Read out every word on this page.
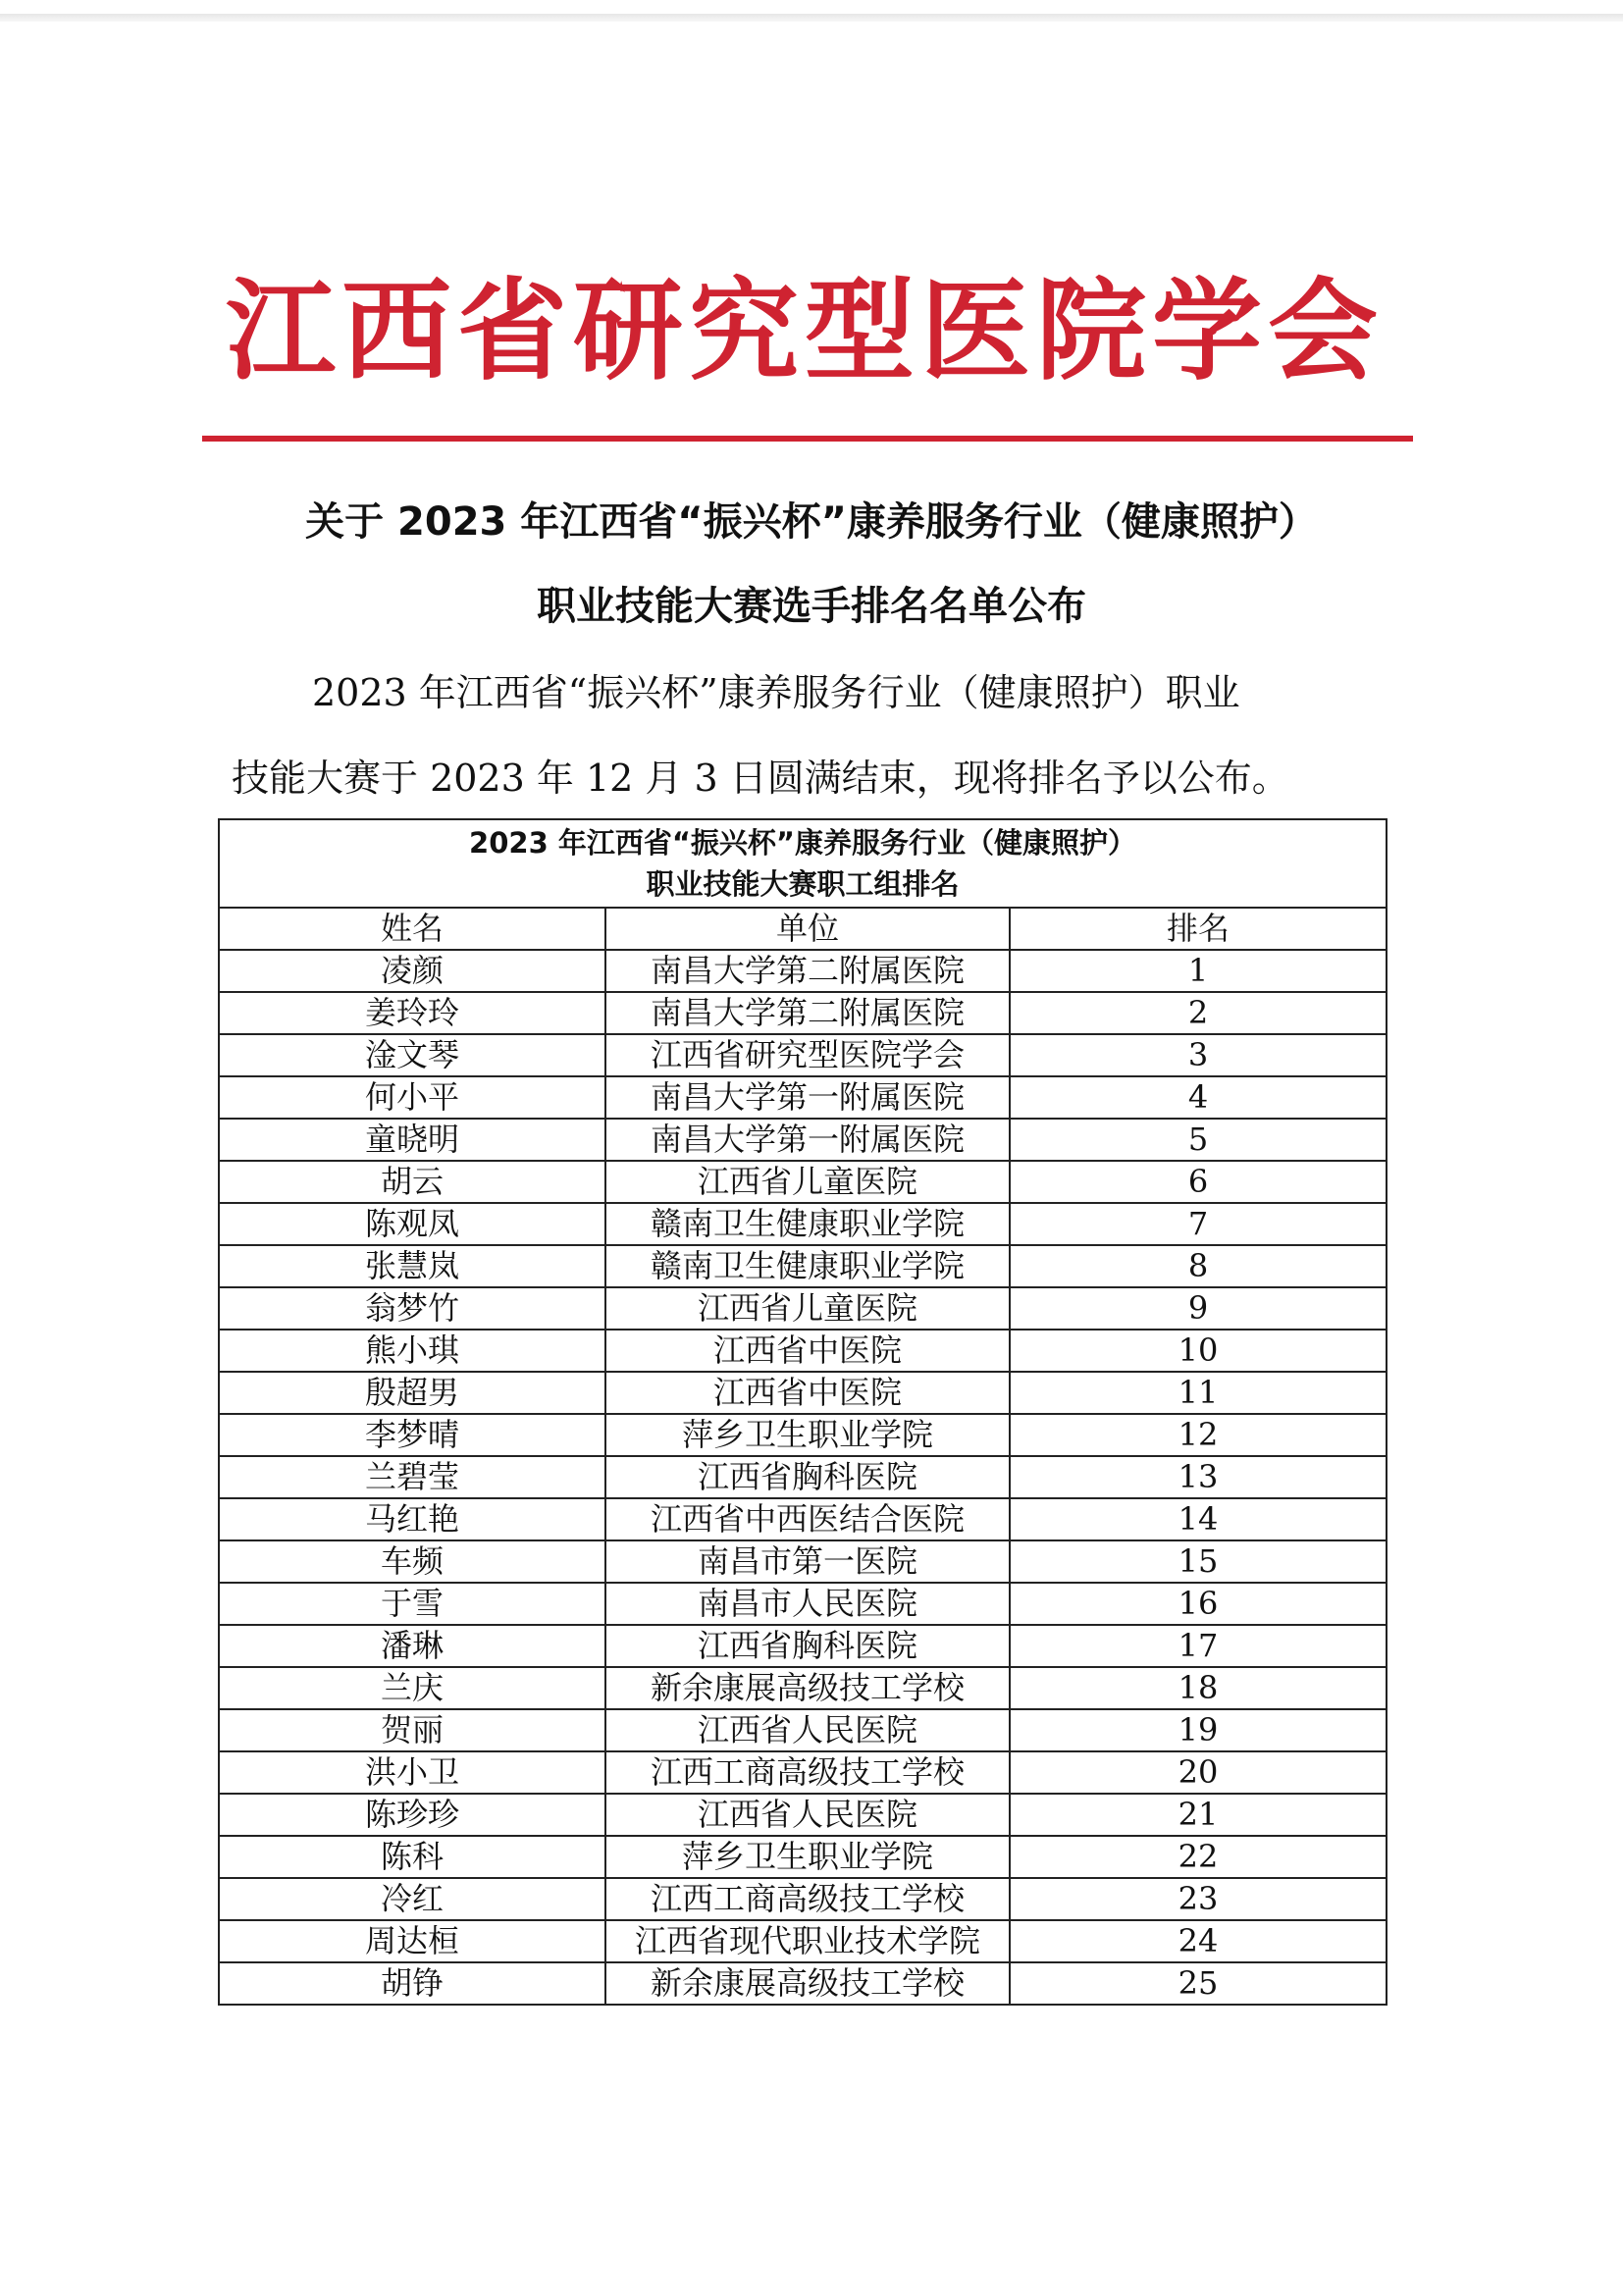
江西省研究型医院学会
关于 2023 年江西省“振兴杯”康养服务行业（健康照护）
职业技能大赛选手排名名单公布
2023 年江西省“振兴杯”康养服务行业（健康照护）职业
技能大赛于 2023 年 12 月 3 日圆满结束，现将排名予以公布。
2023 年江西省“振兴杯”康养服务行业（健康照护）
职业技能大赛职工组排名		

姓名	单位	排名
凌颜	南昌大学第二附属医院	1
姜玲玲	南昌大学第二附属医院	2
淦文琴	江西省研究型医院学会	3
何小平	南昌大学第一附属医院	4
童晓明	南昌大学第一附属医院	5
胡云	江西省儿童医院	6
陈观凤	赣南卫生健康职业学院	7
张慧岚	赣南卫生健康职业学院	8
翁梦竹	江西省儿童医院	9
熊小琪	江西省中医院	10
殷超男	江西省中医院	11
李梦晴	萍乡卫生职业学院	12
兰碧莹	江西省胸科医院	13
马红艳	江西省中西医结合医院	14
车频	南昌市第一医院	15
于雪	南昌市人民医院	16
潘琳	江西省胸科医院	17
兰庆	新余康展高级技工学校	18
贺丽	江西省人民医院	19
洪小卫	江西工商高级技工学校	20
陈珍珍	江西省人民医院	21
陈科	萍乡卫生职业学院	22
冷红	江西工商高级技工学校	23
周达桓	江西省现代职业技术学院	24
胡铮	新余康展高级技工学校	25
